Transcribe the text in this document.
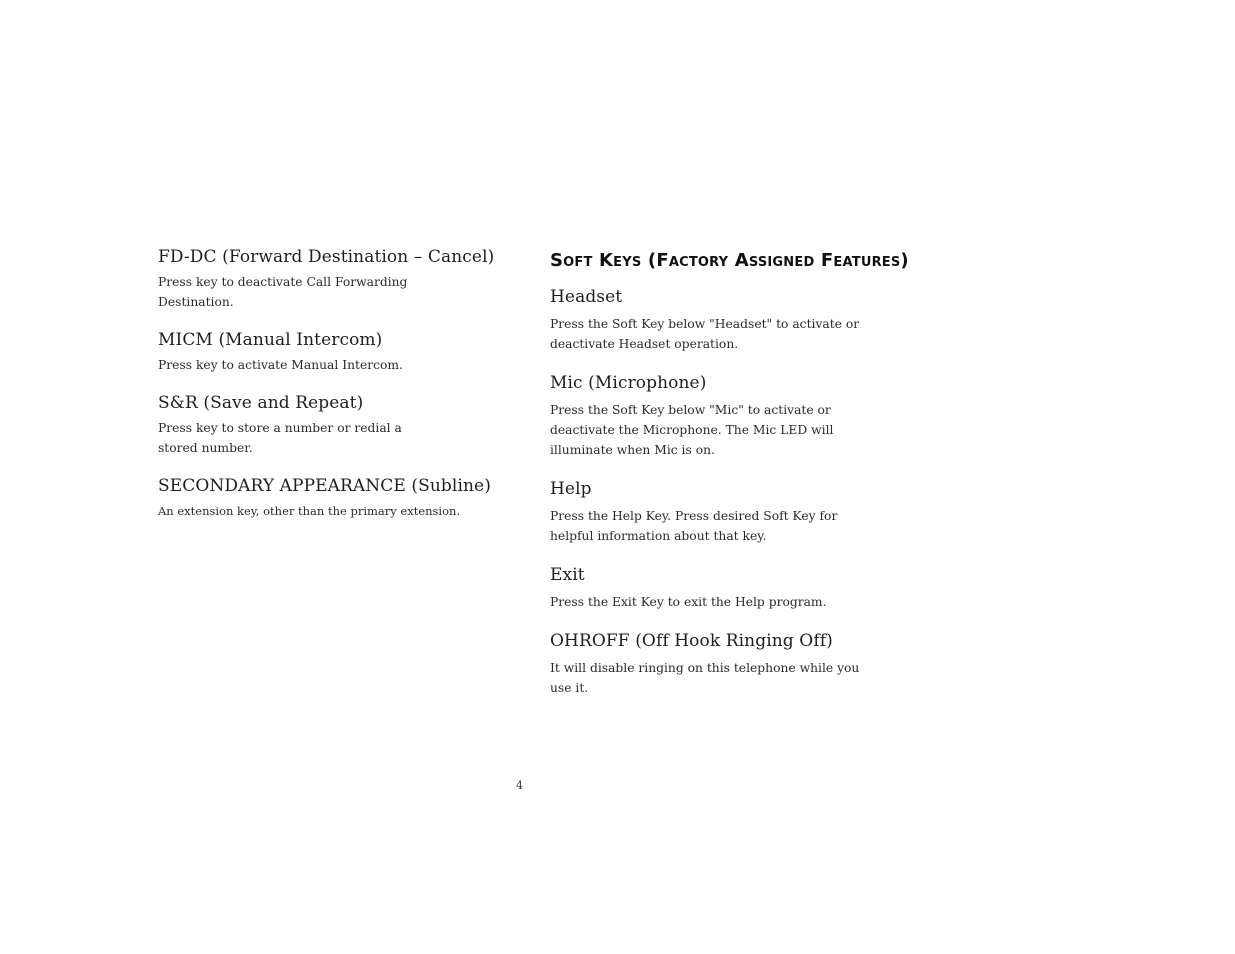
FD-DC (Forward Destination – Cancel)

Press key to deactivate Call Forwarding Destination.

MICM (Manual Intercom)

Press key to activate Manual Intercom.

S&R (Save and Repeat)

Press key to store a number or redial a stored number.

SECONDARY APPEARANCE (Subline)

An extension key, other than the primary extension.

Soft Keys (Factory Assigned Features)
Headset

Press the Soft Key below "Headset" to activate or deactivate Headset operation.

Mic (Microphone)

Press the Soft Key below "Mic" to activate or deactivate the Microphone. The Mic LED will illuminate when Mic is on.

Help

Press the Help Key. Press desired Soft Key for helpful information about that key.

Exit

Press the Exit Key to exit the Help program.

OHROFF (Off Hook Ringing Off)

It will disable ringing on this telephone while you use it.

4
